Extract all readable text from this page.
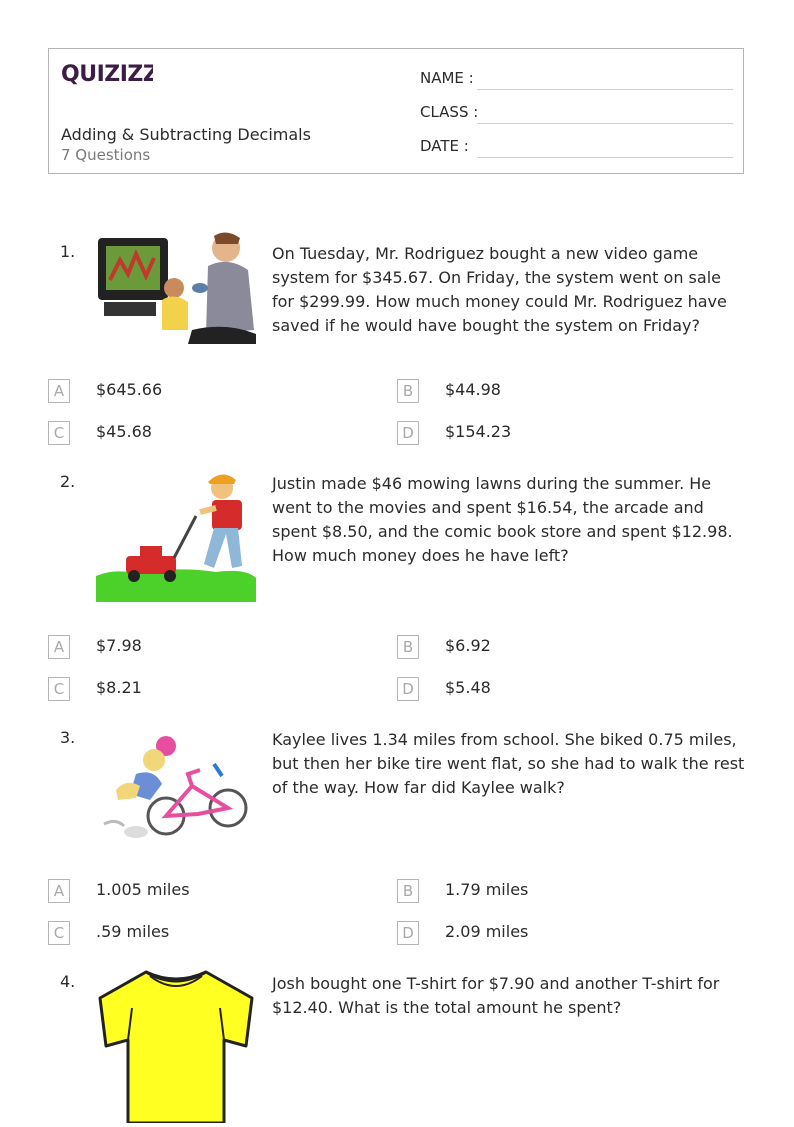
QUIZIZZ
Adding & Subtracting Decimals
7 Questions
NAME :
CLASS :
DATE :
1.	On Tuesday, Mr. Rodriguez bought a new video game system for $345.67. On Friday, the system went on sale for $299.99. How much money could Mr. Rodriguez have saved if he would have bought the system on Friday?
A	$645.66	B	$44.98
C	$45.68	D	$154.23
2.	Justin made $46 mowing lawns during the summer. He went to the movies and spent $16.54, the arcade and spent $8.50, and the comic book store and spent $12.98. How much money does he have left?
A	$7.98	B	$6.92
C	$8.21	D	$5.48
3.	Kaylee lives 1.34 miles from school. She biked 0.75 miles, but then her bike tire went flat, so she had to walk the rest of the way. How far did Kaylee walk?
A	1.005 miles	B	1.79 miles
C	.59 miles	D	2.09 miles
4.	Josh bought one T-shirt for $7.90 and another T-shirt for $12.40. What is the total amount he spent?
